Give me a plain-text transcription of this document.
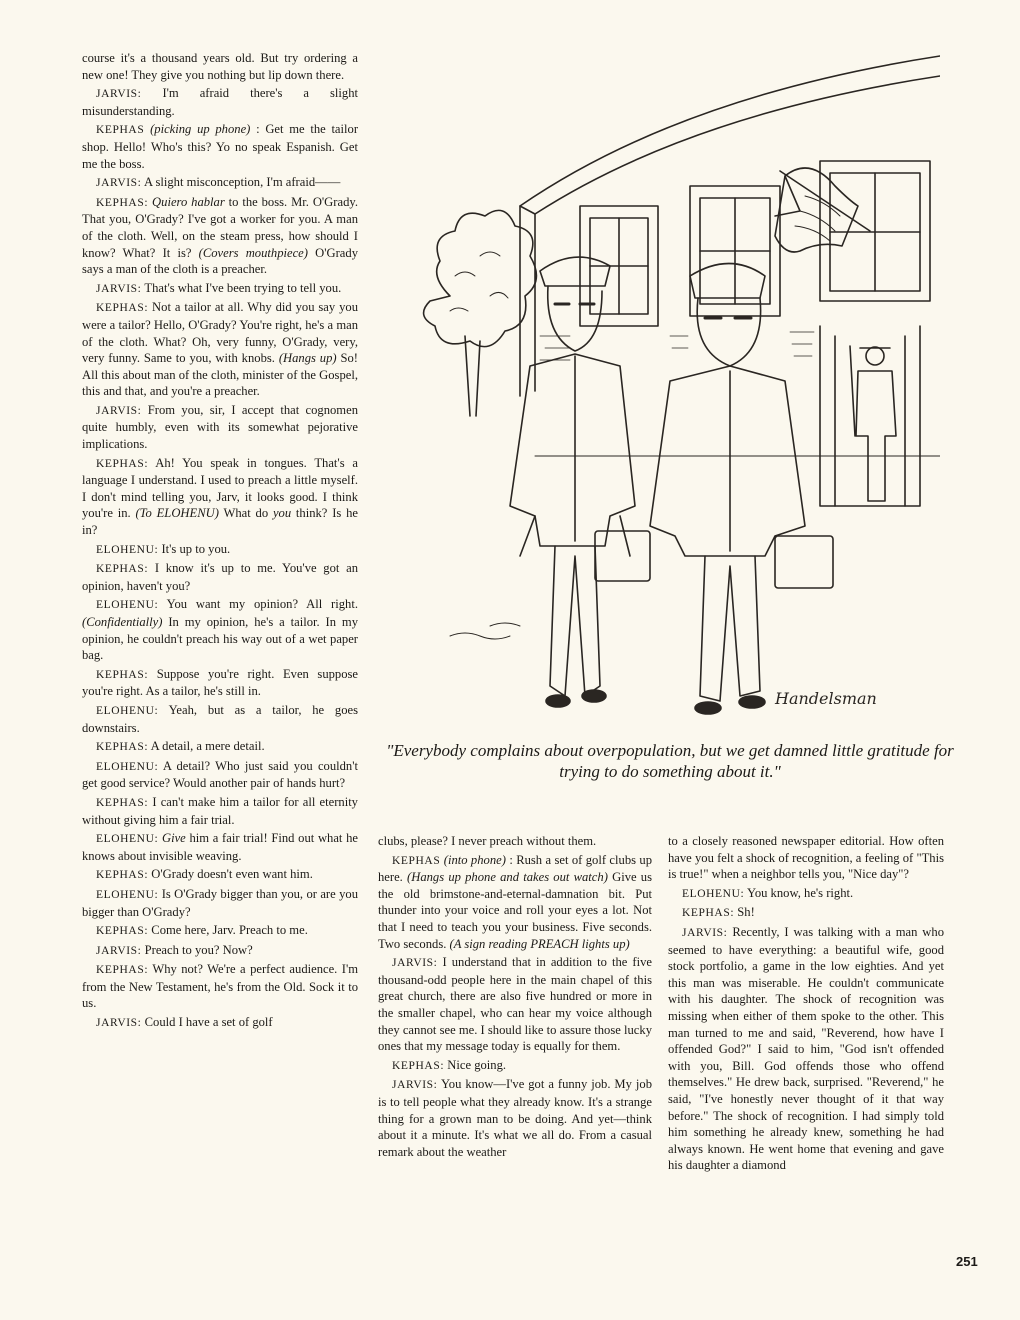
course it's a thousand years old. But try ordering a new one! They give you nothing but lip down there.

JARVIS: I'm afraid there's a slight misunderstanding.

KEPHAS (picking up phone) : Get me the tailor shop. Hello! Who's this? Yo no speak Espanish. Get me the boss.

JARVIS: A slight misconception, I'm afraid——

KEPHAS: Quiero hablar to the boss. Mr. O'Grady. That you, O'Grady? I've got a worker for you. A man of the cloth. Well, on the steam press, how should I know? What? It is? (Covers mouthpiece) O'Grady says a man of the cloth is a preacher.

JARVIS: That's what I've been trying to tell you.

KEPHAS: Not a tailor at all. Why did you say you were a tailor? Hello, O'Grady? You're right, he's a man of the cloth. What? Oh, very funny, O'Grady, very, very funny. Same to you, with knobs. (Hangs up) So! All this about man of the cloth, minister of the Gospel, this and that, and you're a preacher.

JARVIS: From you, sir, I accept that cognomen quite humbly, even with its somewhat pejorative implications.

KEPHAS: Ah! You speak in tongues. That's a language I understand. I used to preach a little myself. I don't mind telling you, Jarv, it looks good. I think you're in. (To ELOHENU) What do you think? Is he in?

ELOHENU: It's up to you.

KEPHAS: I know it's up to me. You've got an opinion, haven't you?

ELOHENU: You want my opinion? All right. (Confidentially) In my opinion, he's a tailor. In my opinion, he couldn't preach his way out of a wet paper bag.

KEPHAS: Suppose you're right. Even suppose you're right. As a tailor, he's still in.

ELOHENU: Yeah, but as a tailor, he goes downstairs.

KEPHAS: A detail, a mere detail.

ELOHENU: A detail? Who just said you couldn't get good service? Would another pair of hands hurt?

KEPHAS: I can't make him a tailor for all eternity without giving him a fair trial.

ELOHENU: Give him a fair trial! Find out what he knows about invisible weaving.

KEPHAS: O'Grady doesn't even want him.

ELOHENU: Is O'Grady bigger than you, or are you bigger than O'Grady?

KEPHAS: Come here, Jarv. Preach to me.

JARVIS: Preach to you? Now?

KEPHAS: Why not? We're a perfect audience. I'm from the New Testament, he's from the Old. Sock it to us.

JARVIS: Could I have a set of golf

Handelsman
"Everybody complains about overpopulation, but we get damned little gratitude for trying to do something about it."

clubs, please? I never preach without them.

KEPHAS (into phone) : Rush a set of golf clubs up here. (Hangs up phone and takes out watch) Give us the old brimstone-and-eternal-damnation bit. Put thunder into your voice and roll your eyes a lot. Not that I need to teach you your business. Five seconds. Two seconds. (A sign reading PREACH lights up)

JARVIS: I understand that in addition to the five thousand-odd people here in the main chapel of this great church, there are also five hundred or more in the smaller chapel, who can hear my voice although they cannot see me. I should like to assure those lucky ones that my message today is equally for them.

KEPHAS: Nice going.

JARVIS: You know—I've got a funny job. My job is to tell people what they already know. It's a strange thing for a grown man to be doing. And yet—think about it a minute. It's what we all do. From a casual remark about the weather

to a closely reasoned newspaper editorial. How often have you felt a shock of recognition, a feeling of "This is true!" when a neighbor tells you, "Nice day"?

ELOHENU: You know, he's right.

KEPHAS: Sh!

JARVIS: Recently, I was talking with a man who seemed to have everything: a beautiful wife, good stock portfolio, a game in the low eighties. And yet this man was miserable. He couldn't communicate with his daughter. The shock of recognition was missing when either of them spoke to the other. This man turned to me and said, "Reverend, how have I offended God?" I said to him, "God isn't offended with you, Bill. God offends those who offend themselves." He drew back, surprised. "Reverend," he said, "I've honestly never thought of it that way before." The shock of recognition. I had simply told him something he already knew, something he had always known. He went home that evening and gave his daughter a diamond

251
